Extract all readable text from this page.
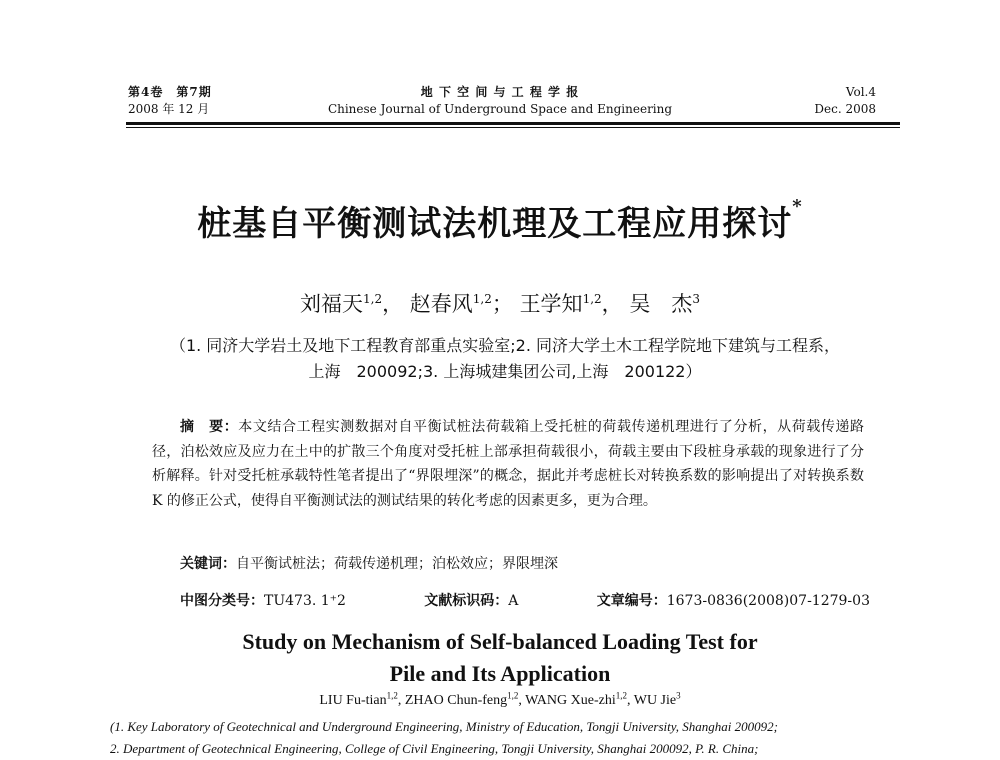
第4卷　第7期
2008 年 12 月
地 下 空 间 与 工 程 学 报
Chinese Journal of Underground Space and Engineering
Vol.4
Dec. 2008
桩基自平衡测试法机理及工程应用探讨*
刘福天$^{1,2}$， 赵春风$^{1,2}$； 王学知$^{1,2}$， 吴　杰$^3$
（1. 同济大学岩土及地下工程教育部重点实验室;2. 同济大学土木工程学院地下建筑与工程系，
上海　200092;3. 上海城建集团公司,上海　200122）
摘　要：本文结合工程实测数据对自平衡试桩法荷载箱上受托桩的荷载传递机理进行了分析，从荷载传递路径，泊松效应及应力在土中的扩散三个角度对受托桩上部承担荷载很小，荷载主要由下段桩身承载的现象进行了分析解释。针对受托桩承载特性笔者提出了“界限埋深”的概念，据此并考虑桩长对转换系数的影响提出了对转换系数 K 的修正公式，使得自平衡测试法的测试结果的转化考虑的因素更多，更为合理。
关键词：自平衡试桩法；荷载传递机理；泊松效应；界限埋深
中图分类号：TU473. 1⁺2	文献标识码：A	文章编号：1673-0836(2008)07-1279-03
Study on Mechanism of Self-balanced Loading Test for
Pile and Its Application
LIU Fu-tian$^{1,2}$, ZHAO Chun-feng$^{1,2}$, WANG Xue-zhi$^{1,2}$, WU Jie$^3$
(1. Key Laboratory of Geotechnical and Underground Engineering, Ministry of Education, Tongji University, Shanghai 200092;
2. Department of Geotechnical Engineering, College of Civil Engineering, Tongji University, Shanghai 200092, P. R. China;
